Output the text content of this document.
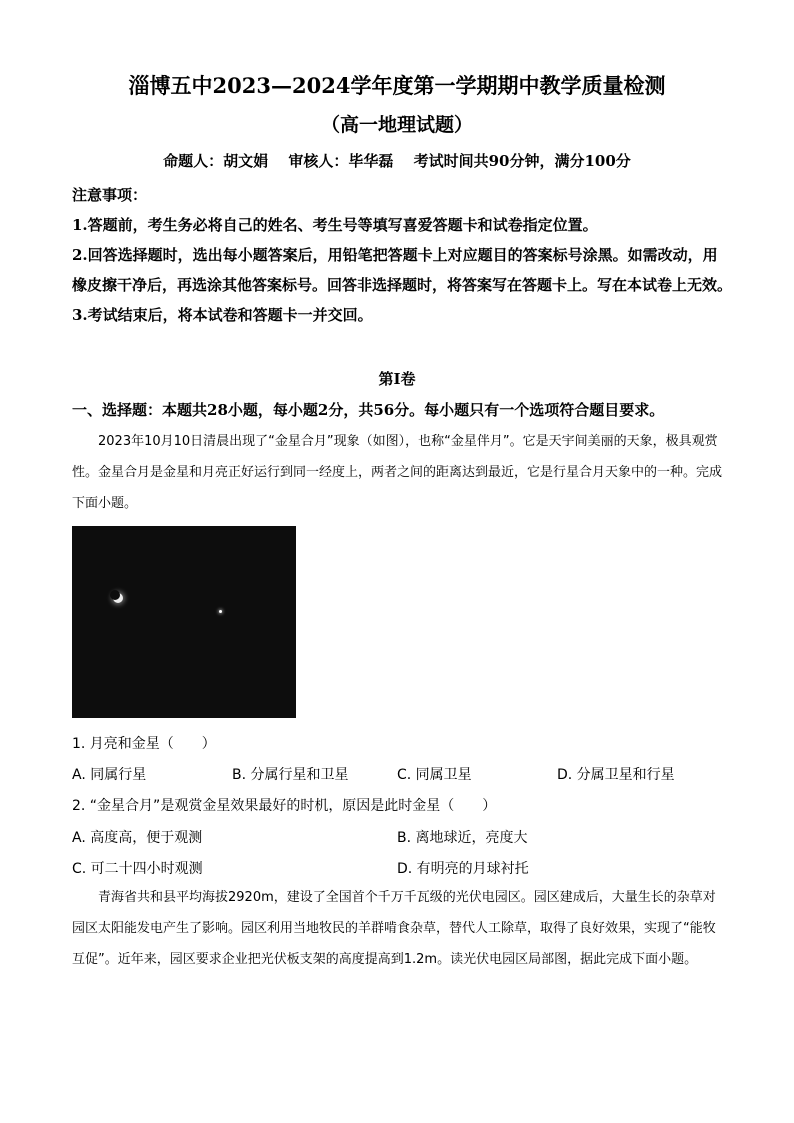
淄博五中2023—2024学年度第一学期期中教学质量检测
（高一地理试题）
命题人：胡文娟　 审核人：毕华磊　 考试时间共90分钟，满分100分

注意事项：

1.答题前，考生务必将自己的姓名、考生号等填写喜爱答题卡和试卷指定位置。

2.回答选择题时，选出每小题答案后，用铅笔把答题卡上对应题目的答案标号涂黑。如需改动，用橡皮擦干净后，再选涂其他答案标号。回答非选择题时，将答案写在答题卡上。写在本试卷上无效。

3.考试结束后，将本试卷和答题卡一并交回。

第I卷
一、选择题：本题共28小题，每小题2分，共56分。每小题只有一个选项符合题目要求。

2023年10月10日清晨出现了“金星合月”现象（如图），也称“金星伴月”。它是天宇间美丽的天象，极具观赏性。金星合月是金星和月亮正好运行到同一经度上，两者之间的距离达到最近，它是行星合月天象中的一种。完成下面小题。

1. 月亮和金星（　　）
A. 同属行星	B. 分属行星和卫星	C. 同属卫星	D. 分属卫星和行星
2. “金星合月”是观赏金星效果最好的时机，原因是此时金星（　　）
A. 高度高，便于观测	B. 离地球近，亮度大
C. 可二十四小时观测	D. 有明亮的月球衬托

青海省共和县平均海拔2920m，建设了全国首个千万千瓦级的光伏电园区。园区建成后，大量生长的杂草对园区太阳能发电产生了影响。园区利用当地牧民的羊群啃食杂草，替代人工除草，取得了良好效果，实现了“能牧互促”。近年来，园区要求企业把光伏板支架的高度提高到1.2m。读光伏电园区局部图，据此完成下面小题。
